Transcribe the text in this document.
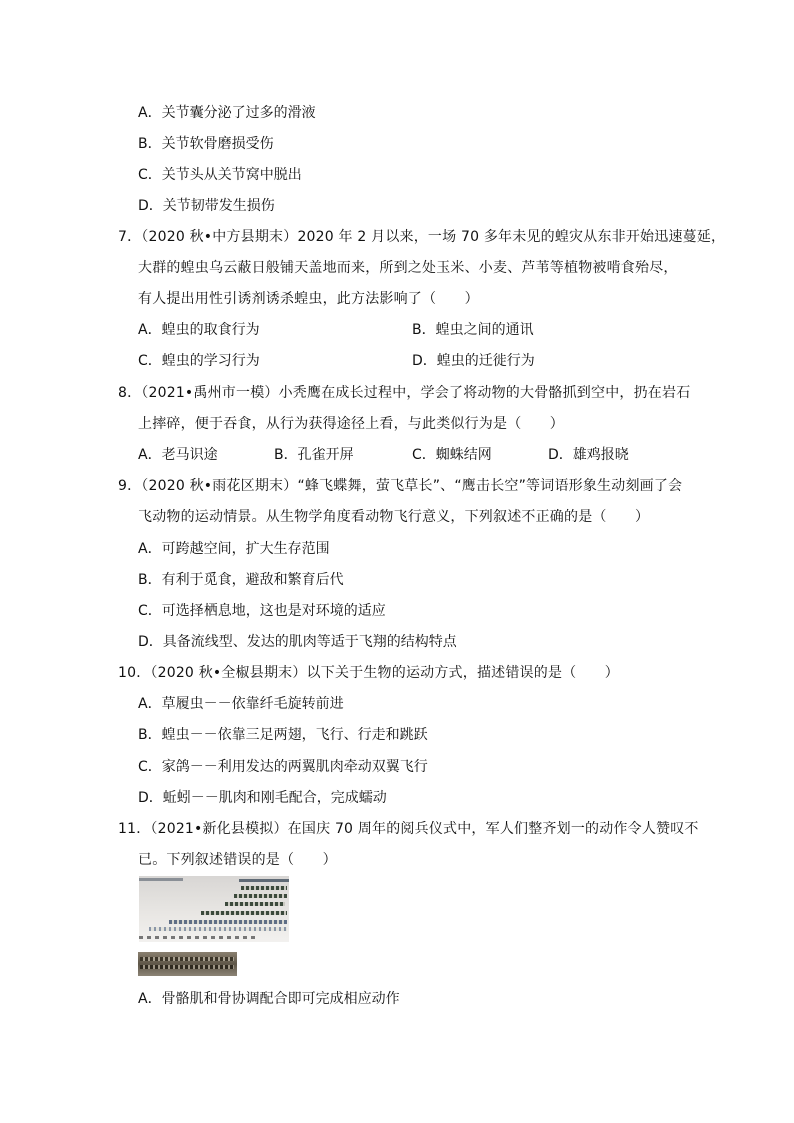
A．关节囊分泌了过多的滑液
B．关节软骨磨损受伤
C．关节头从关节窝中脱出
D．关节韧带发生损伤
7．（2020 秋•中方县期末）2020 年 2 月以来，一场 70 多年未见的蝗灾从东非开始迅速蔓延，
大群的蝗虫乌云蔽日般铺天盖地而来，所到之处玉米、小麦、芦苇等植物被啃食殆尽，
有人提出用性引诱剂诱杀蝗虫，此方法影响了（　　）
A．蝗虫的取食行为	B．蝗虫之间的通讯
C．蝗虫的学习行为	D．蝗虫的迁徙行为
8．（2021•禹州市一模）小秃鹰在成长过程中，学会了将动物的大骨骼抓到空中，扔在岩石
上摔碎，便于吞食，从行为获得途径上看，与此类似行为是（　　）
A．老马识途	B．孔雀开屏	C．蜘蛛结网	D．雄鸡报晓
9．（2020 秋•雨花区期末）“蜂飞蝶舞，萤飞草长”、“鹰击长空”等词语形象生动刻画了会
飞动物的运动情景。从生物学角度看动物飞行意义，下列叙述不正确的是（　　）
A．可跨越空间，扩大生存范围
B．有利于觅食，避敌和繁育后代
C．可选择栖息地，这也是对环境的适应
D．具备流线型、发达的肌肉等适于飞翔的结构特点
10．（2020 秋•全椒县期末）以下关于生物的运动方式，描述错误的是（　　）
A．草履虫－－依靠纤毛旋转前进
B．蝗虫－－依靠三足两翅，飞行、行走和跳跃
C．家鸽－－利用发达的两翼肌肉牵动双翼飞行
D．蚯蚓－－肌肉和刚毛配合，完成蠕动
11．（2021•新化县模拟）在国庆 70 周年的阅兵仪式中，军人们整齐划一的动作令人赞叹不
已。下列叙述错误的是（　　）
A．骨骼肌和骨协调配合即可完成相应动作
